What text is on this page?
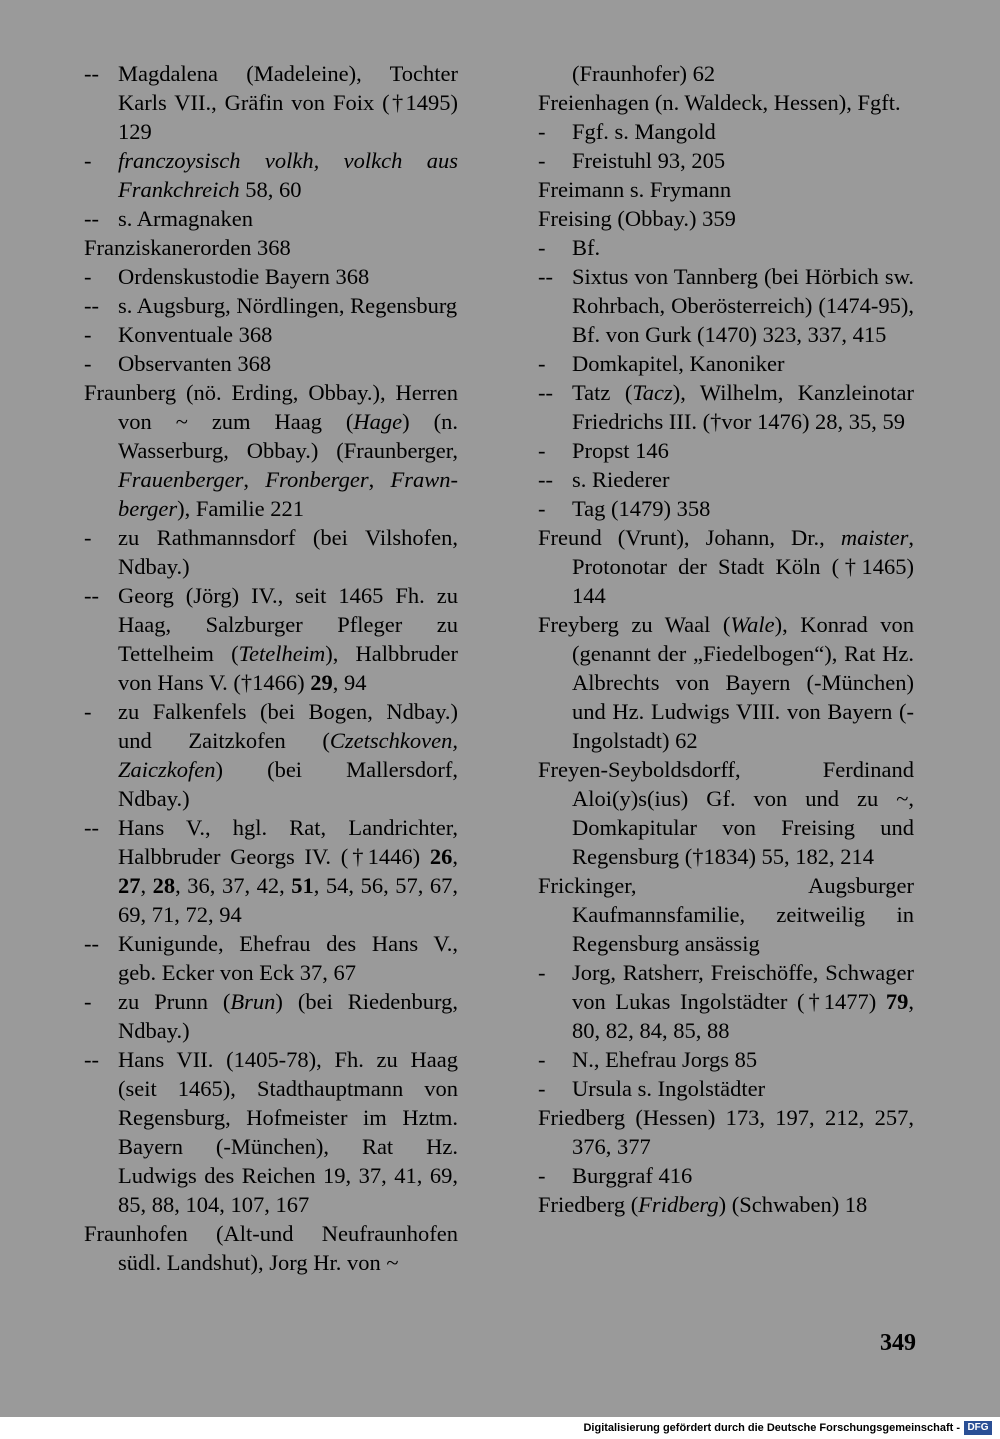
-- Magdalena (Madeleine), Tochter Karls VII., Gräfin von Foix (†1495) 129
-	franczoysisch volkh, volkch aus Frankchreich 58, 60
-- s. Armagnaken
Franziskanerorden 368
-	Ordenskustodie Bayern 368
-- s. Augsburg, Nördlingen, Regensburg
-	Konventuale 368
-	Observanten 368
Fraunberg (nö. Erding, Obbay.), Herren von ~ zum Haag (Hage) (n. Wasserburg, Obbay.) (Fraunberger, Frauenberger, Fronberger, Frawn-berger), Familie 221
-	zu Rathmannsdorf (bei Vilshofen, Ndbay.)
-- Georg (Jörg) IV., seit 1465 Fh. zu Haag, Salzburger Pfleger zu Tettelheim (Tetelheim), Halbbruder von Hans V. (†1466) 29, 94
-	zu Falkenfels (bei Bogen, Ndbay.) und Zaitzkofen (Czetschkoven, Zaiczkofen) (bei Mallersdorf, Ndbay.)
-- Hans V., hgl. Rat, Landrichter, Halbbruder Georgs IV. (†1446) 26, 27, 28, 36, 37, 42, 51, 54, 56, 57, 67, 69, 71, 72, 94
-- Kunigunde, Ehefrau des Hans V., geb. Ecker von Eck 37, 67
-	zu Prunn (Brun) (bei Riedenburg, Ndbay.)
-- Hans VII. (1405-78), Fh. zu Haag (seit 1465), Stadthauptmann von Regensburg, Hofmeister im Hztm. Bayern (-München), Rat Hz. Ludwigs des Reichen 19, 37, 41, 69, 85, 88, 104, 107, 167
Fraunhofen (Alt-und Neufraunhofen südl. Landshut), Jorg Hr. von ~
(Fraunhofer) 62
Freienhagen (n. Waldeck, Hessen), Fgft.
-	Fgf. s. Mangold
-	Freistuhl 93, 205
Freimann s. Frymann
Freising (Obbay.) 359
-	Bf.
-- Sixtus von Tannberg (bei Hörbich sw. Rohrbach, Oberösterreich) (1474-95), Bf. von Gurk (1470) 323, 337, 415
-	Domkapitel, Kanoniker
-- Tatz (Tacz), Wilhelm, Kanzleinotar Friedrichs III. (†vor 1476) 28, 35, 59
-	Propst 146
-- s. Riederer
-	Tag (1479) 358
Freund (Vrunt), Johann, Dr., maister, Protonotar der Stadt Köln (†1465) 144
Freyberg zu Waal (Wale), Konrad von (genannt der „Fiedelbogen“), Rat Hz. Albrechts von Bayern (-München) und Hz. Ludwigs VIII. von Bayern (-Ingolstadt) 62
Freyen-Seyboldsdorff, Ferdinand Aloi(y)s(ius) Gf. von und zu ~, Domkapitular von Freising und Regensburg (†1834) 55, 182, 214
Frickinger, Augsburger Kaufmannsfamilie, zeitweilig in Regensburg ansässig
-	Jorg, Ratsherr, Freischöffe, Schwager von Lukas Ingolstädter (†1477) 79, 80, 82, 84, 85, 88
-	N., Ehefrau Jorgs 85
-	Ursula s. Ingolstädter
Friedberg (Hessen) 173, 197, 212, 257, 376, 377
-	Burggraf 416
Friedberg (Fridberg) (Schwaben) 18
349
Digitalisierung gefördert durch die Deutsche Forschungsgemeinschaft - DFG
